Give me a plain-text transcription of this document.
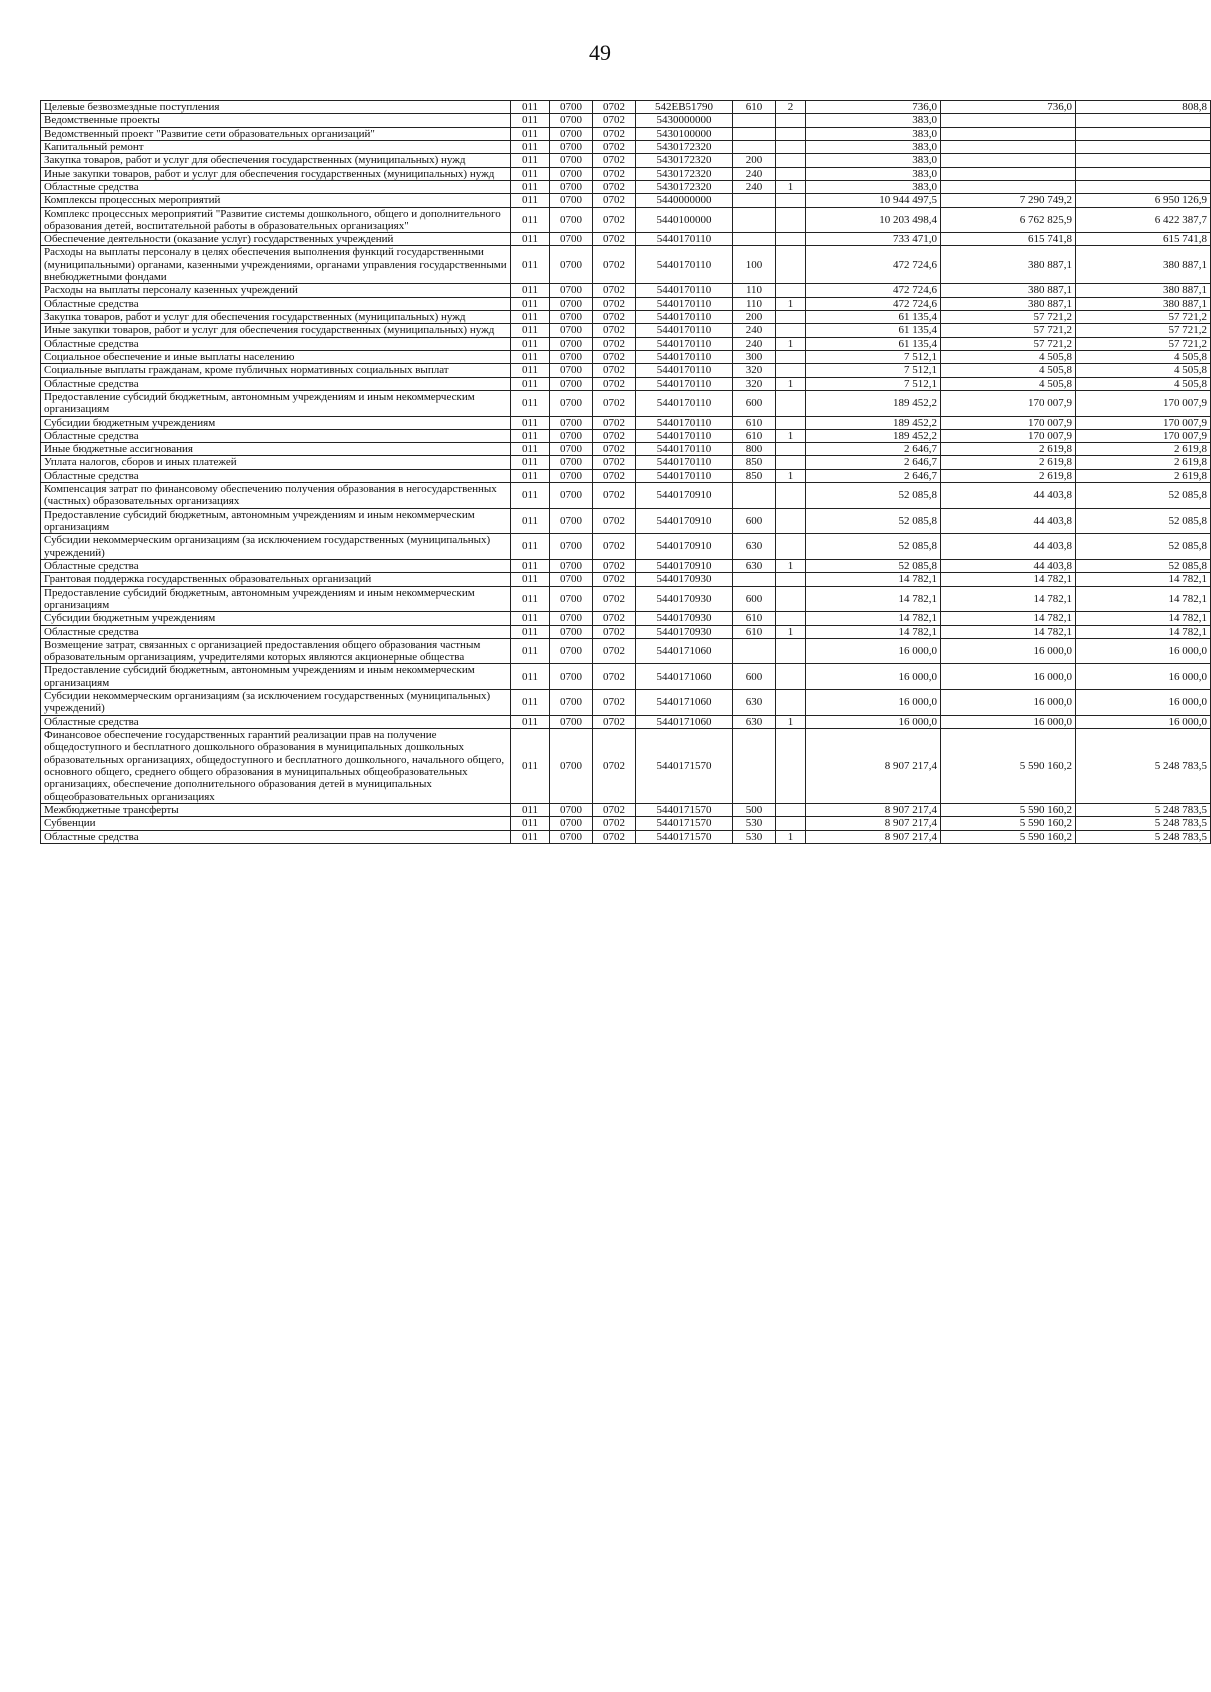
49
Целевые безвозмездные поступления	011	0700	0702	542EB51790	610	2	736,0	736,0	808,8
Ведомственные проекты	011	0700	0702	5430000000			383,0		
Ведомственный проект "Развитие сети образовательных организаций"	011	0700	0702	5430100000			383,0		
Капитальный ремонт	011	0700	0702	5430172320			383,0		
Закупка товаров, работ и услуг для обеспечения государственных (муниципальных) нужд	011	0700	0702	5430172320	200		383,0		
Иные закупки товаров, работ и услуг для обеспечения государственных (муниципальных) нужд	011	0700	0702	5430172320	240		383,0		
Областные средства	011	0700	0702	5430172320	240	1	383,0		
Комплексы процессных мероприятий	011	0700	0702	5440000000			10 944 497,5	7 290 749,2	6 950 126,9
Комплекс процессных мероприятий "Развитие системы дошкольного, общего и дополнительного образования детей, воспитательной работы в образовательных организациях"	011	0700	0702	5440100000			10 203 498,4	6 762 825,9	6 422 387,7
Обеспечение деятельности (оказание услуг) государственных учреждений	011	0700	0702	5440170110			733 471,0	615 741,8	615 741,8
Расходы на выплаты персоналу в целях обеспечения выполнения функций государственными (муниципальными) органами, казенными учреждениями, органами управления государственными внебюджетными фондами	011	0700	0702	5440170110	100		472 724,6	380 887,1	380 887,1
Расходы на выплаты персоналу казенных учреждений	011	0700	0702	5440170110	110		472 724,6	380 887,1	380 887,1
Областные средства	011	0700	0702	5440170110	110	1	472 724,6	380 887,1	380 887,1
Закупка товаров, работ и услуг для обеспечения государственных (муниципальных) нужд	011	0700	0702	5440170110	200		61 135,4	57 721,2	57 721,2
Иные закупки товаров, работ и услуг для обеспечения государственных (муниципальных) нужд	011	0700	0702	5440170110	240		61 135,4	57 721,2	57 721,2
Областные средства	011	0700	0702	5440170110	240	1	61 135,4	57 721,2	57 721,2
Социальное обеспечение и иные выплаты населению	011	0700	0702	5440170110	300		7 512,1	4 505,8	4 505,8
Социальные выплаты гражданам, кроме публичных нормативных социальных выплат	011	0700	0702	5440170110	320		7 512,1	4 505,8	4 505,8
Областные средства	011	0700	0702	5440170110	320	1	7 512,1	4 505,8	4 505,8
Предоставление субсидий бюджетным, автономным учреждениям и иным некоммерческим организациям	011	0700	0702	5440170110	600		189 452,2	170 007,9	170 007,9
Субсидии бюджетным учреждениям	011	0700	0702	5440170110	610		189 452,2	170 007,9	170 007,9
Областные средства	011	0700	0702	5440170110	610	1	189 452,2	170 007,9	170 007,9
Иные бюджетные ассигнования	011	0700	0702	5440170110	800		2 646,7	2 619,8	2 619,8
Уплата налогов, сборов и иных платежей	011	0700	0702	5440170110	850		2 646,7	2 619,8	2 619,8
Областные средства	011	0700	0702	5440170110	850	1	2 646,7	2 619,8	2 619,8
Компенсация затрат по финансовому обеспечению получения образования в негосударственных (частных) образовательных организациях	011	0700	0702	5440170910			52 085,8	44 403,8	52 085,8
Предоставление субсидий бюджетным, автономным учреждениям и иным некоммерческим организациям	011	0700	0702	5440170910	600		52 085,8	44 403,8	52 085,8
Субсидии некоммерческим организациям (за исключением государственных (муниципальных) учреждений)	011	0700	0702	5440170910	630		52 085,8	44 403,8	52 085,8
Областные средства	011	0700	0702	5440170910	630	1	52 085,8	44 403,8	52 085,8
Грантовая поддержка государственных образовательных организаций	011	0700	0702	5440170930			14 782,1	14 782,1	14 782,1
Предоставление субсидий бюджетным, автономным учреждениям и иным некоммерческим организациям	011	0700	0702	5440170930	600		14 782,1	14 782,1	14 782,1
Субсидии бюджетным учреждениям	011	0700	0702	5440170930	610		14 782,1	14 782,1	14 782,1
Областные средства	011	0700	0702	5440170930	610	1	14 782,1	14 782,1	14 782,1
Возмещение затрат, связанных с организацией предоставления общего образования частным образовательным организациям, учредителями которых являются акционерные общества	011	0700	0702	5440171060			16 000,0	16 000,0	16 000,0
Предоставление субсидий бюджетным, автономным учреждениям и иным некоммерческим организациям	011	0700	0702	5440171060	600		16 000,0	16 000,0	16 000,0
Субсидии некоммерческим организациям (за исключением государственных (муниципальных) учреждений)	011	0700	0702	5440171060	630		16 000,0	16 000,0	16 000,0
Областные средства	011	0700	0702	5440171060	630	1	16 000,0	16 000,0	16 000,0
Финансовое обеспечение государственных гарантий реализации прав на получение общедоступного и бесплатного дошкольного образования в муниципальных дошкольных образовательных организациях, общедоступного и бесплатного дошкольного, начального общего, основного общего, среднего общего образования в муниципальных общеобразовательных организациях, обеспечение дополнительного образования детей в муниципальных общеобразовательных организациях	011	0700	0702	5440171570			8 907 217,4	5 590 160,2	5 248 783,5
Межбюджетные трансферты	011	0700	0702	5440171570	500		8 907 217,4	5 590 160,2	5 248 783,5
Субвенции	011	0700	0702	5440171570	530		8 907 217,4	5 590 160,2	5 248 783,5
Областные средства	011	0700	0702	5440171570	530	1	8 907 217,4	5 590 160,2	5 248 783,5
